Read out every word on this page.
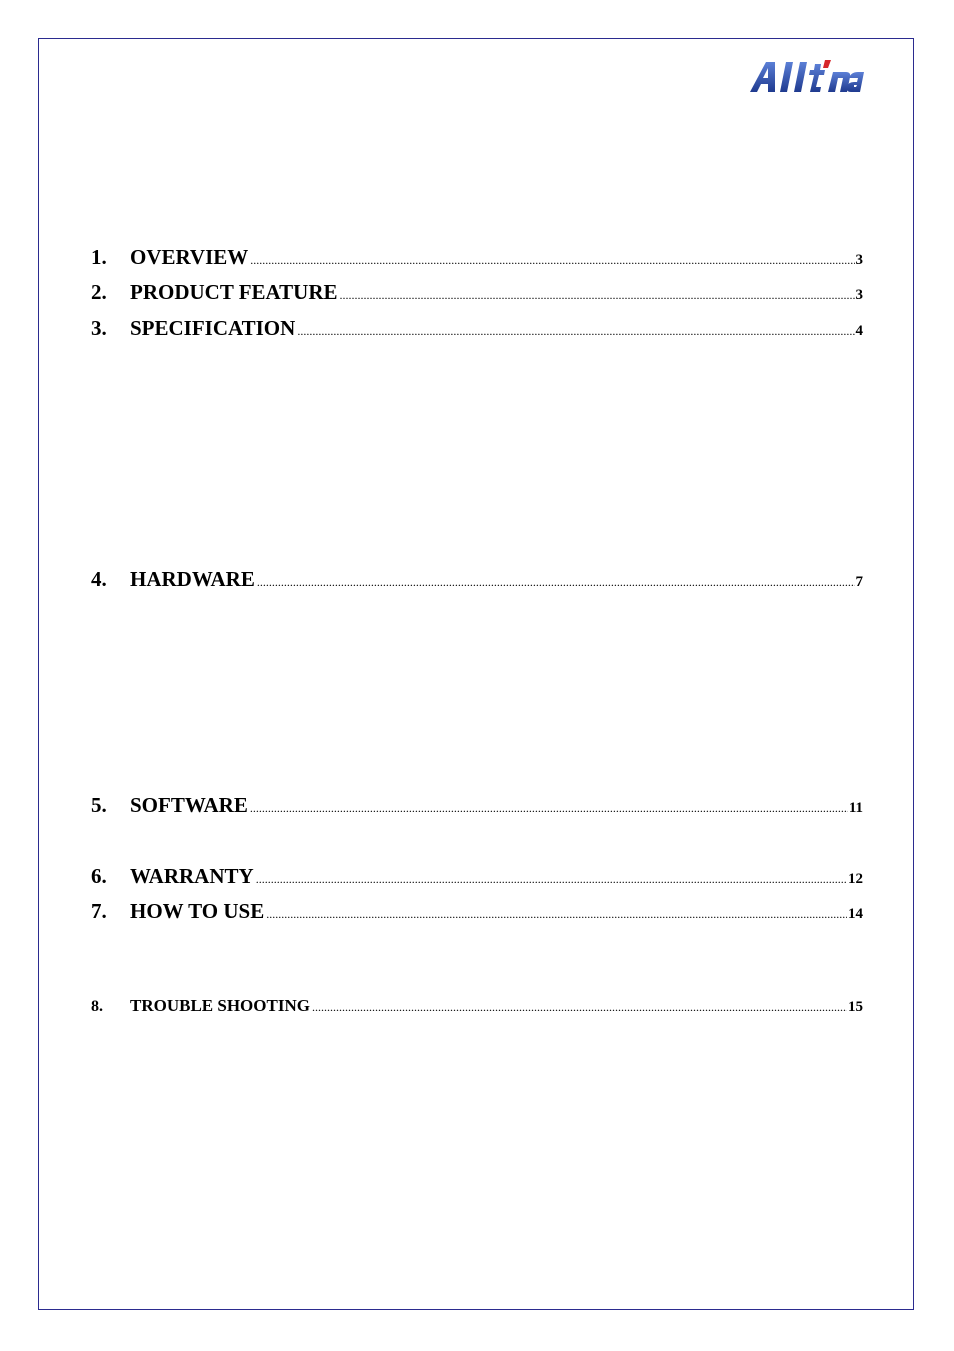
1.	OVERVIEW .....	3
2.	PRODUCT FEATURE .....	3
3.	SPECIFICATION .....	4
4.	HARDWARE .....	7
5.	SOFTWARE .....	11
6.	WARRANTY .....	12
7.	HOW TO USE .....	14
8.	TROUBLE SHOOTING .....	15
